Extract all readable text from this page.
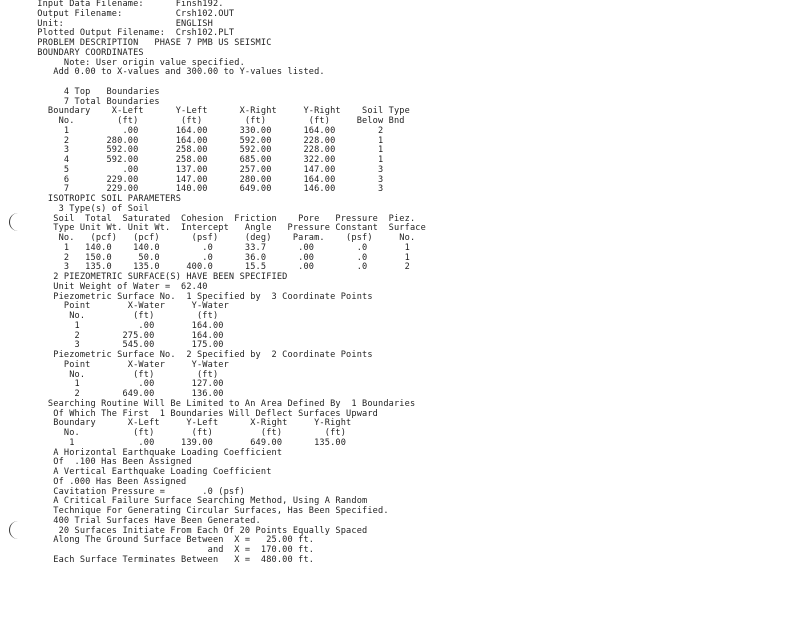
Input Data Filename:      Finsh192.
Output Filename:          Crsh102.OUT
Unit:                     ENGLISH
Plotted Output Filename:  Crsh102.PLT
PROBLEM DESCRIPTION   PHASE 7 PMB US SEISMIC
BOUNDARY COORDINATES
Note: User origin value specified.
Add 0.00 to X-values and 300.00 to Y-values listed.
4 Top   Boundaries
7 Total Boundaries
Boundary    X-Left      Y-Left      X-Right     Y-Right    Soil Type
No.        (ft)        (ft)        (ft)        (ft)     Below Bnd
1          .00       164.00      330.00      164.00        2
2       280.00       164.00      592.00      228.00        1
3       592.00       258.00      592.00      228.00        1
4       592.00       258.00      685.00      322.00        1
5          .00       137.00      257.00      147.00        3
6       229.00       147.00      280.00      164.00        3
7       229.00       140.00      649.00      146.00        3
ISOTROPIC SOIL PARAMETERS
3 Type(s) of Soil
Soil  Total  Saturated  Cohesion  Friction    Pore   Pressure  Piez.
Type Unit Wt. Unit Wt.  Intercept   Angle   Pressure Constant  Surface
No.   (pcf)   (pcf)      (psf)     (deg)    Param.    (psf)     No.
1   140.0    140.0        .0      33.7      .00        .0       1
2   150.0     50.0        .0      36.0      .00        .0       1
3   135.0    135.0     400.0      15.5      .00        .0       2
2 PIEZOMETRIC SURFACE(S) HAVE BEEN SPECIFIED
Unit Weight of Water =  62.40
Piezometric Surface No.  1 Specified by  3 Coordinate Points
Point       X-Water     Y-Water
No.         (ft)        (ft)
1           .00       164.00
2        275.00       164.00
3        545.00       175.00
Piezometric Surface No.  2 Specified by  2 Coordinate Points
Point       X-Water     Y-Water
No.         (ft)        (ft)
1           .00       127.00
2        649.00       136.00
Searching Routine Will Be Limited to An Area Defined By  1 Boundaries
Of Which The First  1 Boundaries Will Deflect Surfaces Upward
Boundary      X-Left     Y-Left      X-Right     Y-Right
No.          (ft)       (ft)         (ft)        (ft)
1            .00     139.00       649.00      135.00
A Horizontal Earthquake Loading Coefficient
Of  .100 Has Been Assigned
A Vertical Earthquake Loading Coefficient
Of .000 Has Been Assigned
Cavitation Pressure =       .0 (psf)
A Critical Failure Surface Searching Method, Using A Random
Technique For Generating Circular Surfaces, Has Been Specified.
400 Trial Surfaces Have Been Generated.
20 Surfaces Initiate From Each Of 20 Points Equally Spaced
Along The Ground Surface Between  X =   25.00 ft.
and  X =  170.00 ft.
Each Surface Terminates Between   X =  480.00 ft.
